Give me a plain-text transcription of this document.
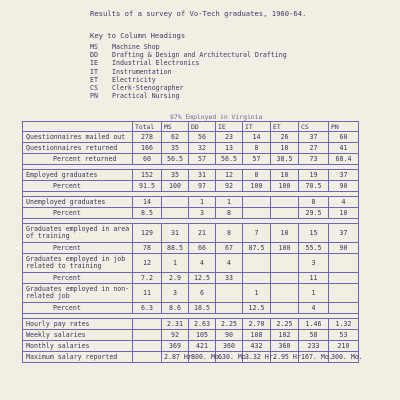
Results of a survey of Vo-Tech graduates, 1960-64.
Key to Column Headings
MS	Machine Shop
DD	Drafting & Design and Architectural Drafting
IE	Industrial Electronics
IT	Instrumentation
ET	Electricity
CS	Clerk-Stenographer
PN	Practical Nursing
87% Employed in Virginia
	Total	MS	DD	IE	IT	ET	CS	PN
Questionnaires mailed out	278	62	56	23	14	26	37	60
Questionnaires returned	166	35	32	13	8	10	27	41
Percent returned	60	56.5	57	56.5	57	38.5	73	68.4

Employed graduates	152	35	31	12	8	10	19	37
Percent	91.5	100	97	92	100	100	70.5	90

Unemployed graduates	14		1	1			8	4
Percent	8.5		3	8			29.5	10

Graduates employed in area of training	129	31	21	8	7	10	15	37
Percent	78	88.5	66	67	87.5	100	55.5	90
Graduates employed in job related to training	12	1	4	4			3	
Percent	7.2	2.9	12.5	33			11	
Graduates employed in non-related job	11	3	6		1		1	
Percent	6.3	8.6	18.5		12.5		4	

Hourly pay rates		2.31	2.63	2.25	2.70	2.25	1.46	1.32
Weekly salaries		92	105	90	108	102	58	53
Monthly salaries		369	421	360	432	360	233	210
Maximum salary reported		2.87 Hr.	800. Mo.	630. Mo.	3.32 Hr.	2.95 Hr.	167. Mo.	300. Mo.
